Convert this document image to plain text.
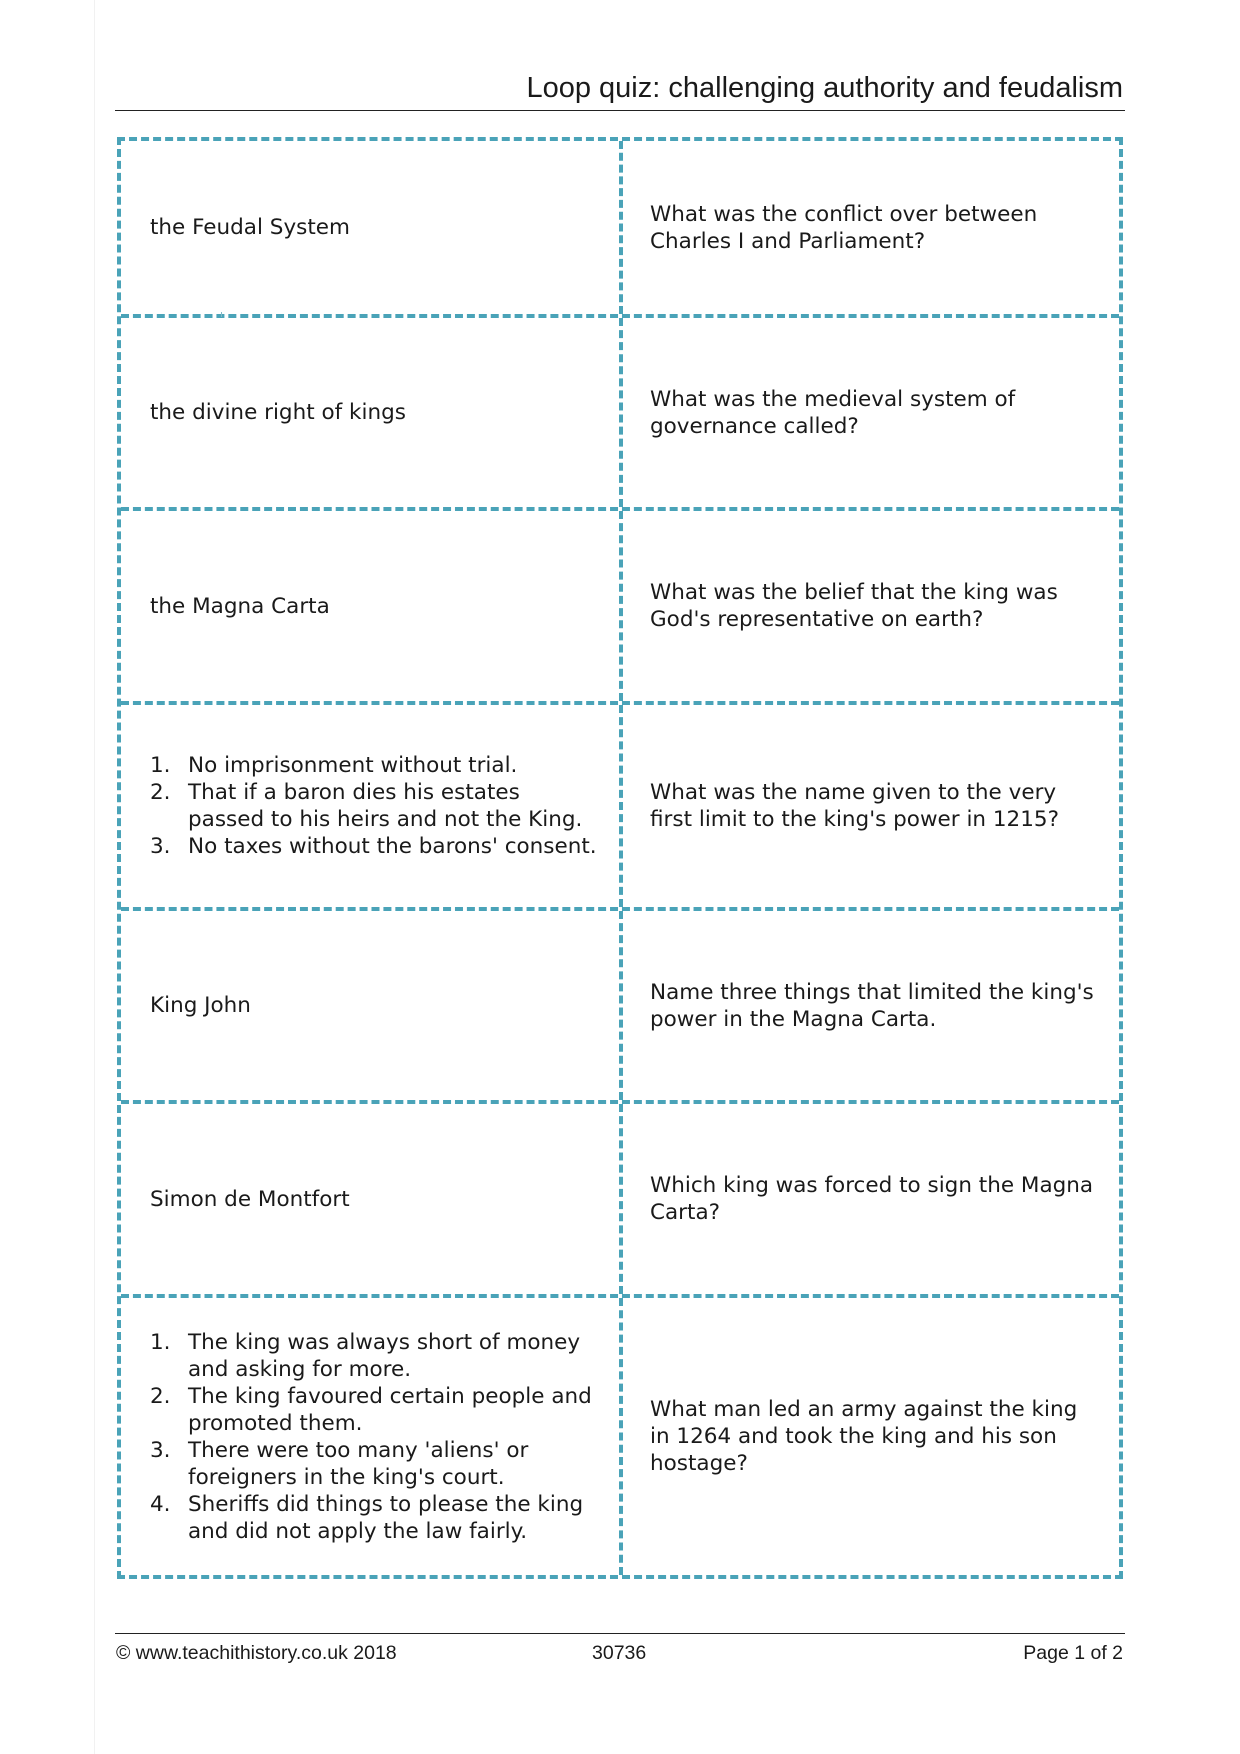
Loop quiz: challenging authority and feudalism
the Feudal System
What was the conflict over between Charles I and Parliament?
the divine right of kings
What was the medieval system of governance called?
the Magna Carta
What was the belief that the king was God's representative on earth?
1. No imprisonment without trial.
2. That if a baron dies his estates passed to his heirs and not the King.
3. No taxes without the barons' consent.
What was the name given to the very first limit to the king's power in 1215?
King John
Name three things that limited the king's power in the Magna Carta.
Simon de Montfort
Which king was forced to sign the Magna Carta?
1. The king was always short of money and asking for more.
2. The king favoured certain people and promoted them.
3. There were too many 'aliens' or foreigners in the king's court.
4. Sheriffs did things to please the king and did not apply the law fairly.
What man led an army against the king in 1264 and took the king and his son hostage?
© www.teachithistory.co.uk 2018	30736	Page 1 of 2
